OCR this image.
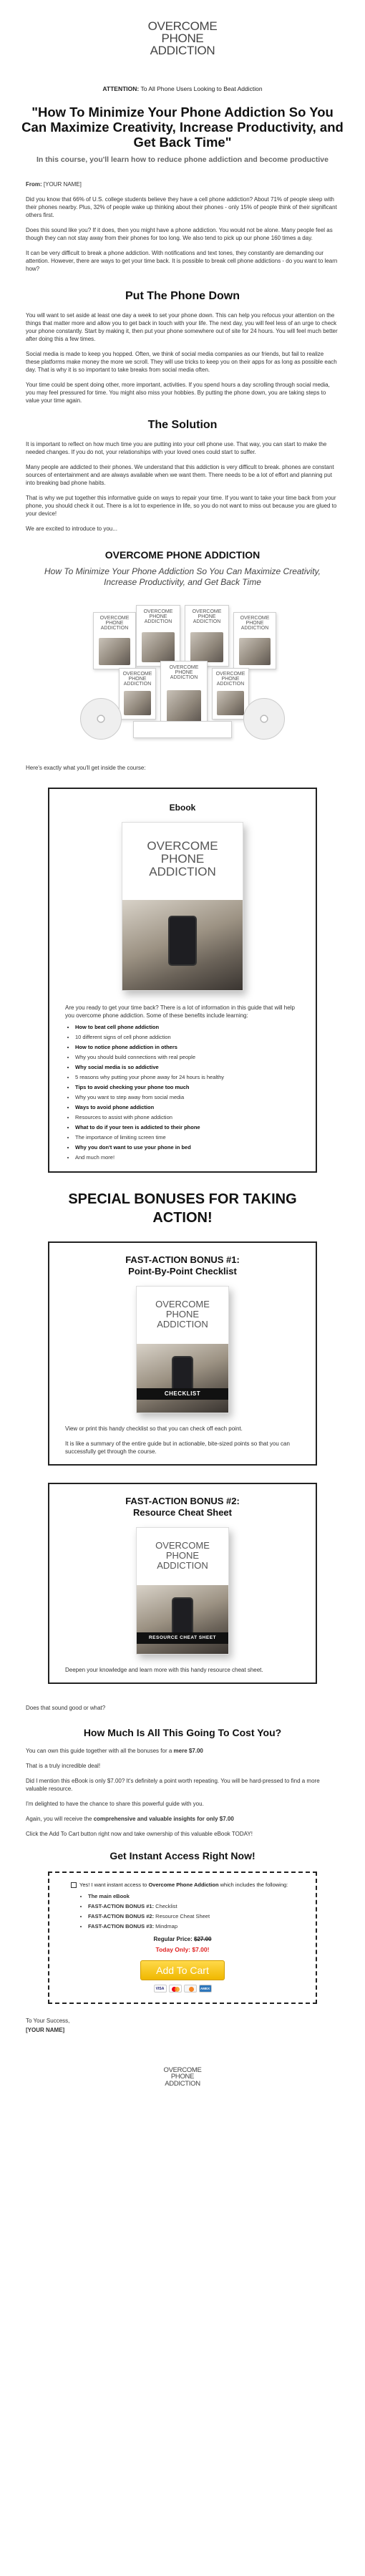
OVERCOME
PHONE
ADDICTION
ATTENTION: To All Phone Users Looking to Beat Addiction
"How To Minimize Your Phone Addiction So You Can Maximize Creativity, Increase Productivity, and Get Back Time"
In this course, you'll learn how to reduce phone addiction and become productive

From: [YOUR NAME]

Did you know that 66% of U.S. college students believe they have a cell phone addiction? About 71% of people sleep with their phones nearby. Plus, 32% of people wake up thinking about their phones - only 15% of people think of their significant others first.

Does this sound like you? If it does, then you might have a phone addiction. You would not be alone. Many people feel as though they can not stay away from their phones for too long. We also tend to pick up our phone 160 times a day.

It can be very difficult to break a phone addiction. With notifications and text tones, they constantly are demanding our attention. However, there are ways to get your time back. It is possible to break cell phone addictions - do you want to learn how?

Put The Phone Down

You will want to set aside at least one day a week to set your phone down. This can help you refocus your attention on the things that matter more and allow you to get back in touch with your life. The next day, you will feel less of an urge to check your phone constantly. Start by making it, then put your phone somewhere out of site for 24 hours. You will feel much better after doing this a few times.

Social media is made to keep you hopped. Often, we think of social media companies as our friends, but fail to realize these platforms make money the more we scroll. They will use tricks to keep you on their apps for as long as possible each day. That is why it is so important to take breaks from social media often.

Your time could be spent doing other, more important, activities. If you spend hours a day scrolling through social media, you may feel pressured for time. You might also miss your hobbies. By putting the phone down, you are taking steps to value your time again.

The Solution

It is important to reflect on how much time you are putting into your cell phone use. That way, you can start to make the needed changes. If you do not, your relationships with your loved ones could start to suffer.

Many people are addicted to their phones. We understand that this addiction is very difficult to break. phones are constant sources of entertainment and are always available when we want them. There needs to be a lot of effort and planning put into breaking bad phone habits.

That is why we put together this informative guide on ways to repair your time. If you want to take your time back from your phone, you should check it out. There is a lot to experience in life, so you do not want to miss out because you are glued to your device!

We are excited to introduce to you...

OVERCOME PHONE ADDICTION
How To Minimize Your Phone Addiction So You Can Maximize Creativity, Increase Productivity, and Get Back Time
OVERCOME PHONE ADDICTION
OVERCOME PHONE ADDICTION
OVERCOME PHONE ADDICTION
OVERCOME PHONE ADDICTION
OVERCOME PHONE ADDICTION
OVERCOME PHONE ADDICTION
OVERCOME PHONE ADDICTION

Here's exactly what you'll get inside the course:

Ebook
OVERCOME PHONE ADDICTION
Are you ready to get your time back? There is a lot of information in this guide that will help you overcome phone addiction. Some of these benefits include learning:
• How to beat cell phone addiction
• 10 different signs of cell phone addiction
• How to notice phone addiction in others
• Why you should build connections with real people
• Why social media is so addictive
• 5 reasons why putting your phone away for 24 hours is healthy
• Tips to avoid checking your phone too much
• Why you want to step away from social media
• Ways to avoid phone addiction
• Resources to assist with phone addiction
• What to do if your teen is addicted to their phone
• The importance of limiting screen time
• Why you don't want to use your phone in bed
• And much more!
SPECIAL BONUSES FOR TAKING ACTION!
FAST-ACTION BONUS #1:
Point-By-Point Checklist
OVERCOME PHONE ADDICTION
CHECKLIST
View or print this handy checklist so that you can check off each point.
It is like a summary of the entire guide but in actionable, bite-sized points so that you can successfully get through the course.
FAST-ACTION BONUS #2:
Resource Cheat Sheet
OVERCOME PHONE ADDICTION
RESOURCE CHEAT SHEET
Deepen your knowledge and learn more with this handy resource cheat sheet.

Does that sound good or what?

How Much Is All This Going To Cost You?

You can own this guide together with all the bonuses for a mere $7.00

That is a truly incredible deal!

Did I mention this eBook is only $7.00? It's definitely a point worth repeating. You will be hard-pressed to find a more valuable resource.

I'm delighted to have the chance to share this powerful guide with you.

Again, you will receive the comprehensive and valuable insights for only $7.00

Click the Add To Cart button right now and take ownership of this valuable eBook TODAY!

Get Instant Access Right Now!
Yes! I want instant access to Overcome Phone Addiction which includes the following:
• The main eBook
• FAST-ACTION BONUS #1: Checklist
• FAST-ACTION BONUS #2: Resource Cheat Sheet
• FAST-ACTION BONUS #3: Mindmap
Regular Price: $27.00
Today Only: $7.00!
Add To Cart
VISA
AMEX

To Your Success,

[YOUR NAME]

OVERCOME
PHONE
ADDICTION
